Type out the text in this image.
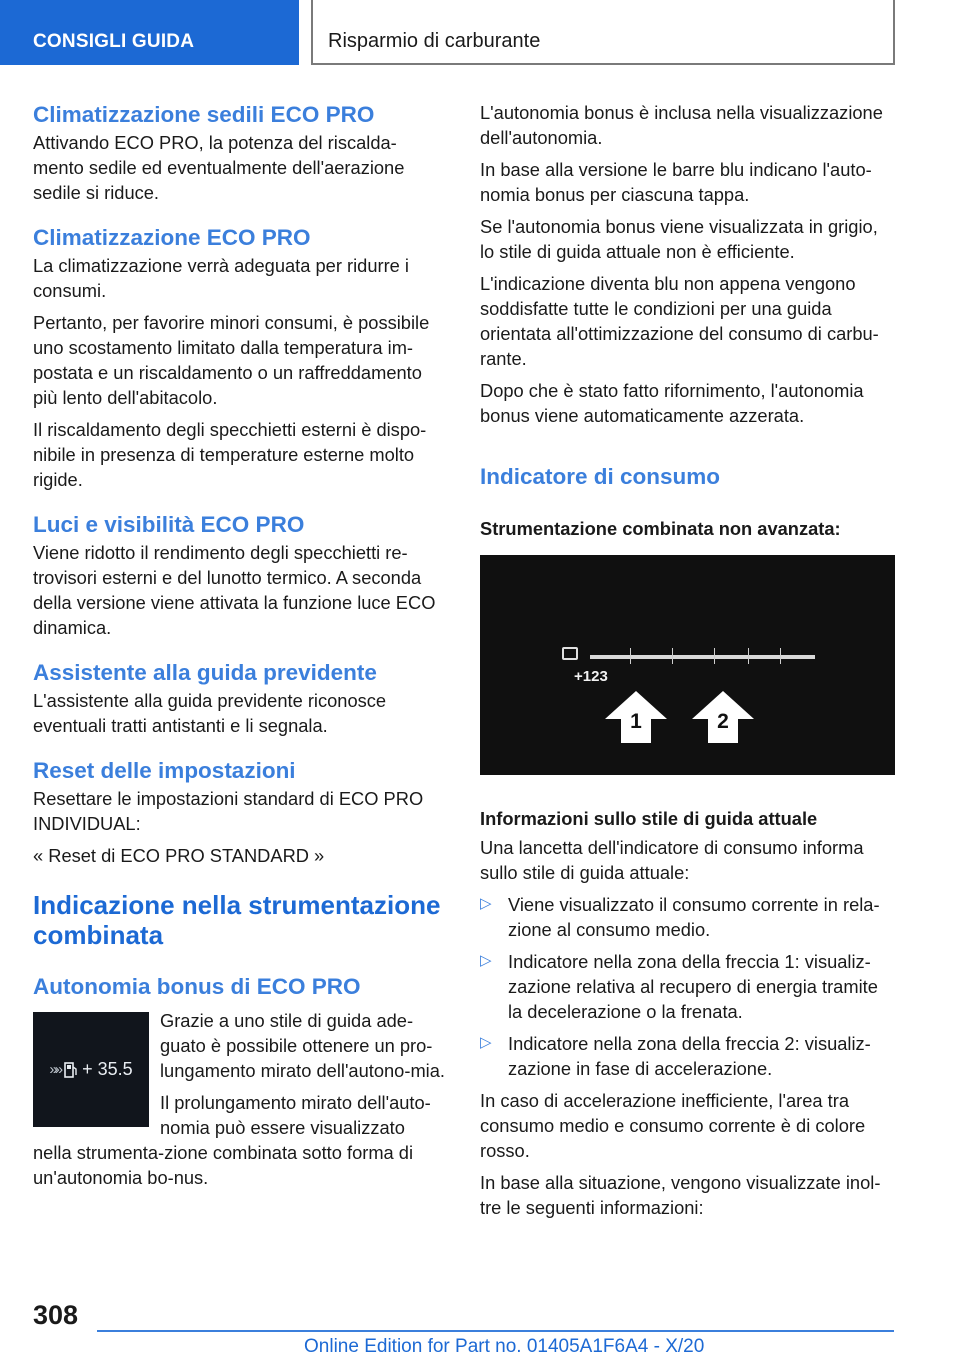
CONSIGLI GUIDA	Risparmio di carburante
Climatizzazione sedili ECO PRO
Attivando ECO PRO, la potenza del riscalda-mento sedile ed eventualmente dell'aerazione sedile si riduce.
Climatizzazione ECO PRO
La climatizzazione verrà adeguata per ridurre i consumi.
Pertanto, per favorire minori consumi, è possibile uno scostamento limitato dalla temperatura im-postata e un riscaldamento o un raffreddamento più lento dell'abitacolo.
Il riscaldamento degli specchietti esterni è dispo-nibile in presenza di temperature esterne molto rigide.
Luci e visibilità ECO PRO
Viene ridotto il rendimento degli specchietti re-trovisori esterni e del lunotto termico. A seconda della versione viene attivata la funzione luce ECO dinamica.
Assistente alla guida previdente
L'assistente alla guida previdente riconosce eventuali tratti antistanti e li segnala.
Reset delle impostazioni
Resettare le impostazioni standard di ECO PRO INDIVIDUAL:
« Reset di ECO PRO STANDARD »
Indicazione nella strumentazione combinata
Autonomia bonus di ECO PRO
»» + 35.5
Grazie a uno stile di guida ade-guato è possibile ottenere un pro-lungamento mirato dell'autono-mia.
Il prolungamento mirato dell'auto-nomia può essere visualizzato nella strumenta-zione combinata sotto forma di un'autonomia bo-nus.
L'autonomia bonus è inclusa nella visualizzazione dell'autonomia.
In base alla versione le barre blu indicano l'auto-nomia bonus per ciascuna tappa.
Se l'autonomia bonus viene visualizzata in grigio, lo stile di guida attuale non è efficiente.
L'indicazione diventa blu non appena vengono soddisfatte tutte le condizioni per una guida orientata all'ottimizzazione del consumo di carbu-rante.
Dopo che è stato fatto rifornimento, l'autonomia bonus viene automaticamente azzerata.
Indicatore di consumo
Strumentazione combinata non avanzata:
+123
1	2
Informazioni sullo stile di guida attuale
Una lancetta dell'indicatore di consumo informa sullo stile di guida attuale:
▷ Viene visualizzato il consumo corrente in rela-zione al consumo medio.
▷ Indicatore nella zona della freccia 1: visualiz-zazione relativa al recupero di energia tramite la decelerazione o la frenata.
▷ Indicatore nella zona della freccia 2: visualiz-zazione in fase di accelerazione.
In caso di accelerazione inefficiente, l'area tra consumo medio e consumo corrente è di colore rosso.
In base alla situazione, vengono visualizzate inol-tre le seguenti informazioni:
308
Online Edition for Part no. 01405A1F6A4 - X/20
